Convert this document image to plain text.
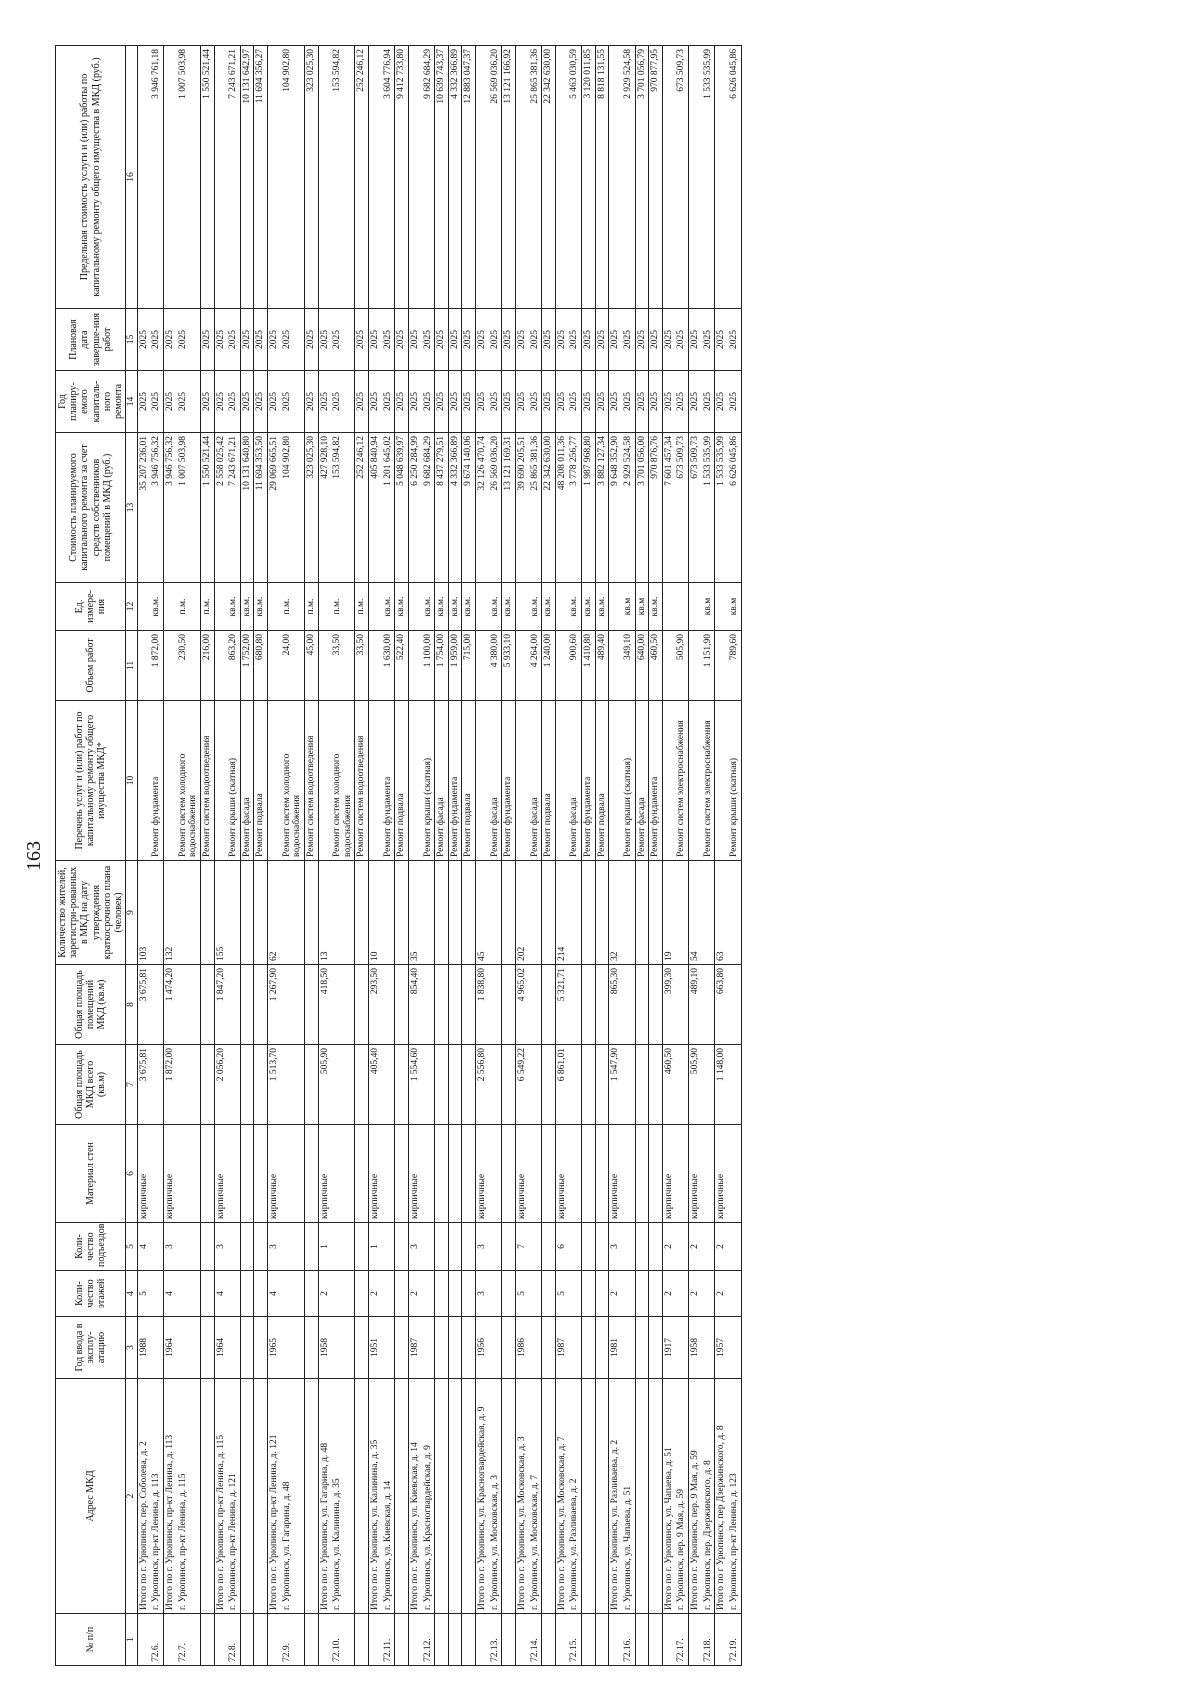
163
№ п/п	Адрес МКД	Год ввода в эксплу-атацию	Коли-чество этажей	Коли-чество подъездов	Материал стен	Общая площадь МКД всего (кв.м)	Общая площадь помещений МКД (кв.м)	Количество жителей, зарегистри-рованных в МКД на дату утверждения краткосрочного плана (человек)	Перечень услуг и (или) работ по капитальному ремонту общего имущества МКД*	Объем работ	Ед. измере-ния	Стоимость планируемого капитального ремонта за счет средств собственников помещений в МКД (руб.)	Год планиру-емого капиталь-ного ремонта	Плановая дата заверше-ния работ	Предельная стоимость услуги и (или) работы по капитальному ремонту общего имущества в МКД (руб.)
1	2	3	4	5	6	7	8	9	10	11	12	13	14	15	16
	Итого по г. Урюпинск, пер. Соболева, д. 2	1988	5	4	кирпичные	3 675,81	3 675,81	103				35 207 236,01	2025	2025	
72.6.	г. Урюпинск, пр-кт Ленина, д. 113								Ремонт фундамента	1 872,00	кв.м.	3 946 756,32	2025	2025	3 946 761,18
	Итого по г. Урюпинск, пр-кт Ленина, д. 113	1964	4	3	кирпичные	1 872,00	1 474,20	132				3 946 756,32	2025	2025	
72.7.	г. Урюпинск, пр-кт Ленина, д. 115								Ремонт систем холодного водоснабжения	230,50	п.м.	1 007 503,98	2025	2025	1 007 503,98
									Ремонт систем водоотведения	216,00	п.м.	1 550 521,44	2025	2025	1 550 521,44
	Итого по г. Урюпинск, пр-кт Ленина, д. 115	1964	4	3	кирпичные	2 056,20	1 847,20	155				2 558 025,42	2025	2025	
72.8.	г. Урюпинск, пр-кт Ленина, д. 121								Ремонт крыши (скатная)	863,20	кв.м.	7 243 671,21	2025	2025	7 243 671,21
									Ремонт фасада	1 752,00	кв.м.	10 131 640,80	2025	2025	10 131 642,97
									Ремонт подвала	680,80	кв.м.	11 694 353,50	2025	2025	11 694 356,27
	Итого по г. Урюпинск, пр-кт Ленина, д. 121	1965	4	3	кирпичные	1 513,70	1 267,90	62				29 069 665,51	2025	2025	
72.9.	г. Урюпинск, ул. Гагарина, д. 48								Ремонт систем холодного водоснабжения	24,00	п.м.	104 902,80	2025	2025	104 902,80
									Ремонт систем водоотведения	45,00	п.м.	323 025,30	2025	2025	323 025,30
	Итого по г. Урюпинск, ул. Гагарина, д. 48	1958	2	1	кирпичные	505,90	418,50	13				427 928,10	2025	2025	
72.10.	г. Урюпинск, ул. Калинина, д. 35								Ремонт систем холодного водоснабжения	33,50	п.м.	153 594,82	2025	2025	153 594,82
									Ремонт систем водоотведения	33,50	п.м.	252 246,12	2025	2025	252 246,12
	Итого по г. Урюпинск, ул. Калинина, д. 35	1951	2	1	кирпичные	405,40	293,50	10				405 840,94	2025	2025	
72.11.	г. Урюпинск, ул. Киевская, д. 14								Ремонт фундамента	1 630,00	кв.м.	1 201 645,02	2025	2025	3 604 776,94
									Ремонт подвала	522,40	кв.м.	5 048 639,97	2025	2025	9 412 733,80
	Итого по г. Урюпинск, ул. Киевская, д. 14	1987	2	3	кирпичные	1 554,60	854,40	35				6 250 284,99	2025	2025	
72.12.	г. Урюпинск, ул. Красногвардейская, д. 9								Ремонт крыши (скатная)	1 100,00	кв.м.	9 682 684,29	2025	2025	9 682 684,29
									Ремонт фасада	1 754,00	кв.м.	8 437 279,51	2025	2025	10 639 743,37
									Ремонт фундамента	1 959,00	кв.м.	4 332 366,89	2025	2025	4 332 366,89
									Ремонт подвала	715,00	кв.м.	9 674 140,06	2025	2025	12 883 047,37
	Итого по г. Урюпинск, ул. Красногвардейская, д. 9	1956	3	3	кирпичные	2 556,80	1 838,80	45				32 126 470,74	2025	2025	
72.13.	г. Урюпинск, ул. Московская, д. 3								Ремонт фасада	4 380,00	кв.м.	26 569 036,20	2025	2025	26 569 036,20
									Ремонт фундамента	5 933,10	кв.м.	13 121 169,31	2025	2025	13 121 166,92
	Итого по г. Урюпинск, ул. Московская, д. 3	1986	5	7	кирпичные	6 549,22	4 965,02	202				39 690 205,51	2025	2025	
72.14.	г. Урюпинск, ул. Московская, д. 7								Ремонт фасада	4 264,00	кв.м.	25 865 381,36	2025	2025	25 865 381,36
									Ремонт подвала	1 240,00	кв.м.	22 342 630,00	2025	2025	22 342 630,00
	Итого по г. Урюпинск, ул. Московская, д. 7	1987	5	6	кирпичные	6 861,01	5 321,71	214				48 208 011,36	2025	2025	
72.15.	г. Урюпинск, ул. Разливаева, д. 2								Ремонт фасада	900,60	кв.м.	3 778 256,77	2025	2025	5 463 030,59
									Ремонт фундамента	1 410,80	кв.м.	1 987 968,80	2025	2025	3 120 011,85
									Ремонт подвала	489,40	кв.м.	3 882 127,34	2025	2025	8 818 131,55
	Итого по г. Урюпинск, ул. Разливаева, д. 2	1981	2	3	кирпичные	1 547,90	865,30	32				9 648 352,90	2025	2025	
72.16.	г. Урюпинск, ул. Чапаева, д. 51								Ремонт крыши (скатная)	349,10	кв.м	2 929 524,58	2025	2025	2 929 524,58
									Ремонт фасада	640,00	кв.м	3 701 056,00	2025	2025	3 701 056,79
									Ремонт фундамента	460,50	кв.м.	970 876,76	2025	2025	970 877,95
	Итого по г. Урюпинск, ул. Чапаева, д. 51	1917	2	2	кирпичные	460,50	399,30	19				7 601 457,34	2025	2025	
72.17.	г. Урюпинск, пер. 9 Мая, д. 59								Ремонт систем электроснабжения	505,90		673 509,73	2025	2025	673 509,73
	Итого по г. Урюпинск, пер. 9 Мая, д. 59	1958	2	2	кирпичные	505,90	489,10	54				673 509,73	2025	2025	
72.18.	г. Урюпинск, пер. Дзержинского, д. 8								Ремонт систем электроснабжения	1 151,90	кв.м	1 533 535,99	2025	2025	1 533 535,99
	Итого по г Урюпинск, пер Дзержинского, д. 8	1957	2	2	кирпичные	1 148,00	663,80	63				1 533 535,99	2025	2025	
72.19.	г. Урюпинск, пр-кт Ленина, д. 123								Ремонт крыши (скатная)	789,60	кв.м	6 626 045,86	2025	2025	6 626 045,86
